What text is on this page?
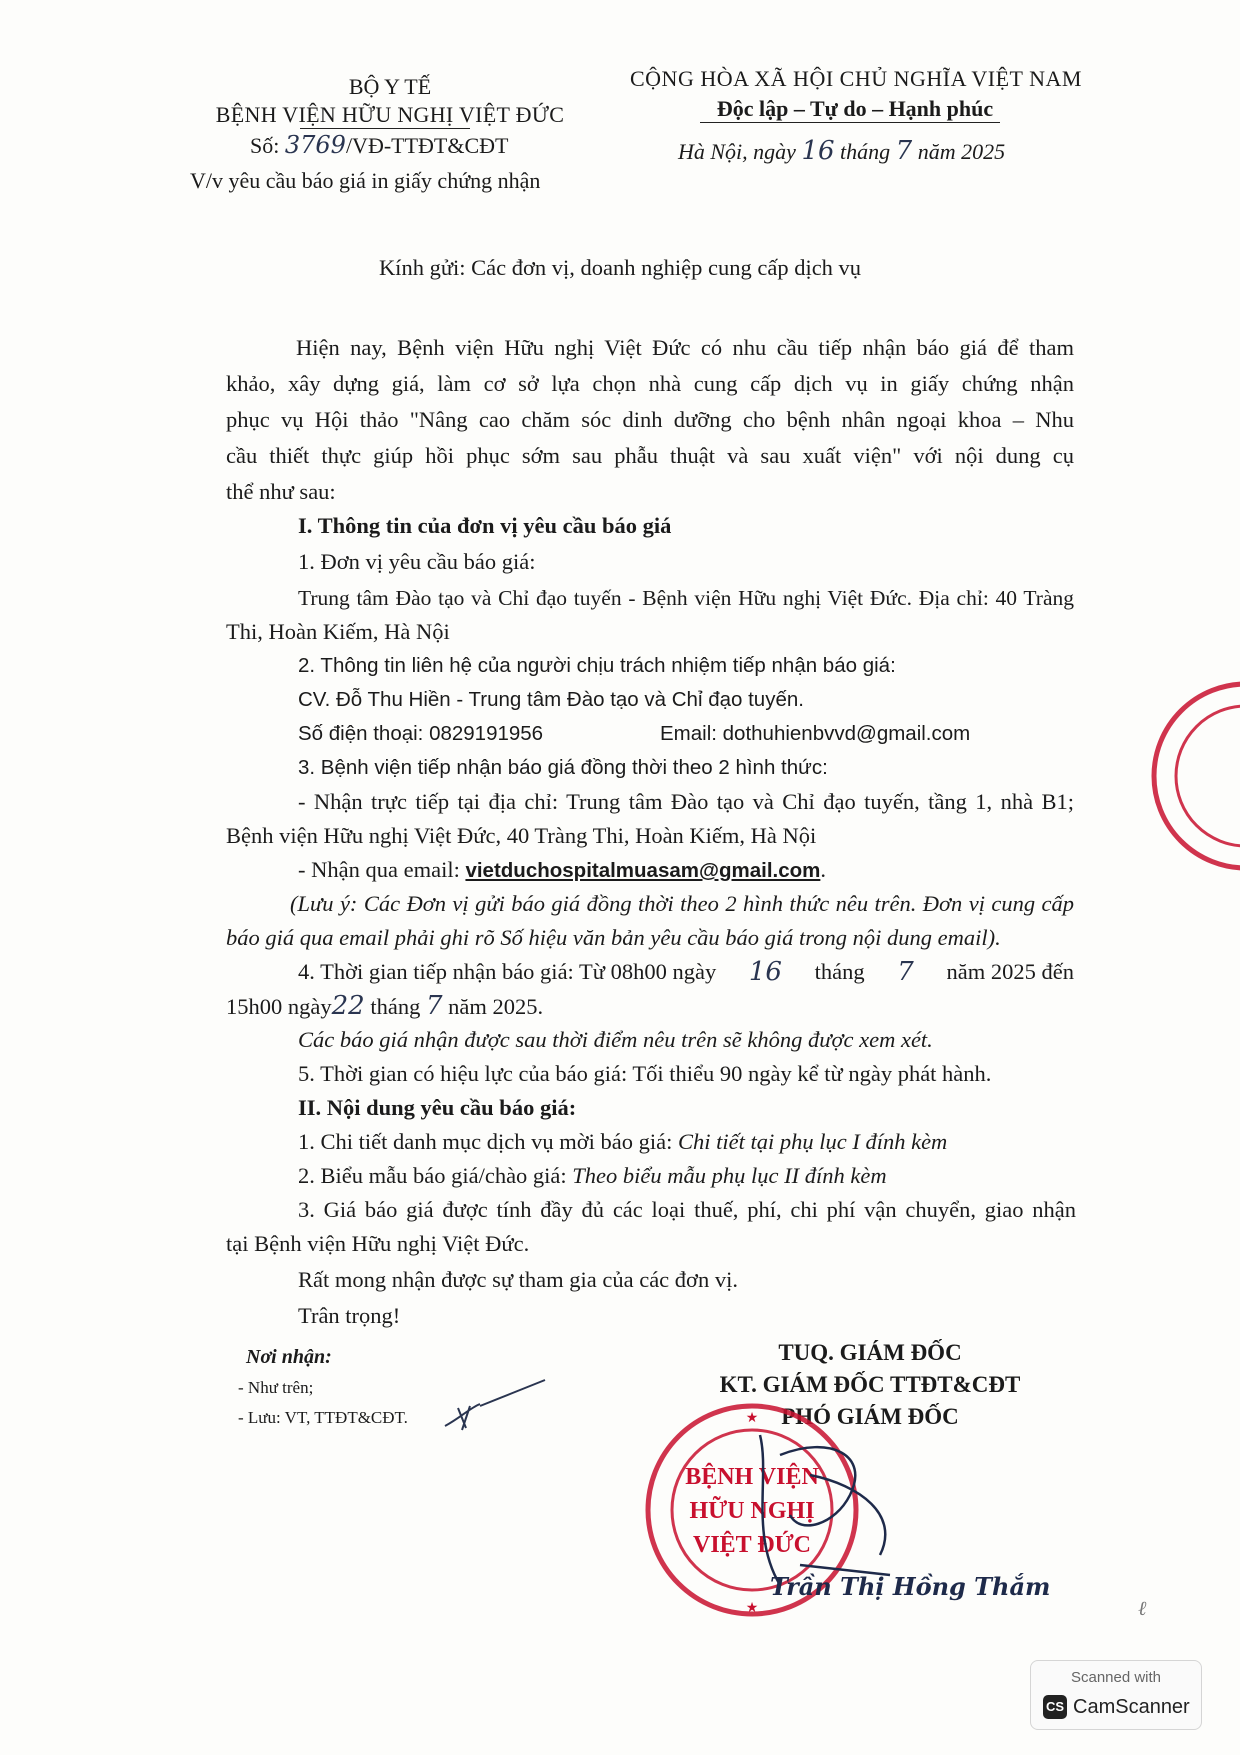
BỘ Y TẾ
BỆNH VIỆN HỮU NGHỊ VIỆT ĐỨC
Số: 3769/VĐ-TTĐT&CĐT
V/v yêu cầu báo giá in giấy chứng nhận
CỘNG HÒA XÃ HỘI CHỦ NGHĨA VIỆT NAM
Độc lập – Tự do – Hạnh phúc
Hà Nội, ngày 16 tháng 7 năm 2025
Kính gửi: Các đơn vị, doanh nghiệp cung cấp dịch vụ
Hiện nay, Bệnh viện Hữu nghị Việt Đức có nhu cầu tiếp nhận báo giá để tham
khảo, xây dựng giá, làm cơ sở lựa chọn nhà cung cấp dịch vụ in giấy chứng nhận
phục vụ Hội thảo "Nâng cao chăm sóc dinh dưỡng cho bệnh nhân ngoại khoa – Nhu
cầu thiết thực giúp hồi phục sớm sau phẫu thuật và sau xuất viện" với nội dung cụ
thể như sau:
I. Thông tin của đơn vị yêu cầu báo giá
1. Đơn vị yêu cầu báo giá:
Trung tâm Đào tạo và Chỉ đạo tuyến - Bệnh viện Hữu nghị Việt Đức. Địa chỉ: 40 Tràng
Thi, Hoàn Kiếm, Hà Nội
2. Thông tin liên hệ của người chịu trách nhiệm tiếp nhận báo giá:
CV. Đỗ Thu Hiền - Trung tâm Đào tạo và Chỉ đạo tuyến.
Số điện thoại: 0829191956	Email: dothuhienbvvd@gmail.com
3. Bệnh viện tiếp nhận báo giá đồng thời theo 2 hình thức:
- Nhận trực tiếp tại địa chỉ: Trung tâm Đào tạo và Chỉ đạo tuyến, tầng 1, nhà B1;
Bệnh viện Hữu nghị Việt Đức, 40 Tràng Thi, Hoàn Kiếm, Hà Nội
- Nhận qua email: vietduchospitalmuasam@gmail.com.
(Lưu ý: Các Đơn vị gửi báo giá đồng thời theo 2 hình thức nêu trên. Đơn vị cung cấp
báo giá qua email phải ghi rõ Số hiệu văn bản yêu cầu báo giá trong nội dung email).
4. Thời gian tiếp nhận báo giá: Từ 08h00 ngày 16 tháng 7 năm 2025 đến
15h00 ngày22 tháng 7 năm 2025.
Các báo giá nhận được sau thời điểm nêu trên sẽ không được xem xét.
5. Thời gian có hiệu lực của báo giá: Tối thiểu 90 ngày kể từ ngày phát hành.
II. Nội dung yêu cầu báo giá:
1. Chi tiết danh mục dịch vụ mời báo giá: Chi tiết tại phụ lục I đính kèm
2. Biểu mẫu báo giá/chào giá: Theo biểu mẫu phụ lục II đính kèm
3. Giá báo giá được tính đầy đủ các loại thuế, phí, chi phí vận chuyển, giao nhận
tại Bệnh viện Hữu nghị Việt Đức.
Rất mong nhận được sự tham gia của các đơn vị.
Trân trọng!
Nơi nhận:
- Như trên;
- Lưu: VT, TTĐT&CĐT.
TUQ. GIÁM ĐỐC
KT. GIÁM ĐỐC TTĐT&CĐT
PHÓ GIÁM ĐỐC
★
★
BỆNH VIỆN
HỮU NGHỊ
VIỆT ĐỨC
Trần Thị Hồng Thắm
ℓ
Scanned with
CS CamScanner
